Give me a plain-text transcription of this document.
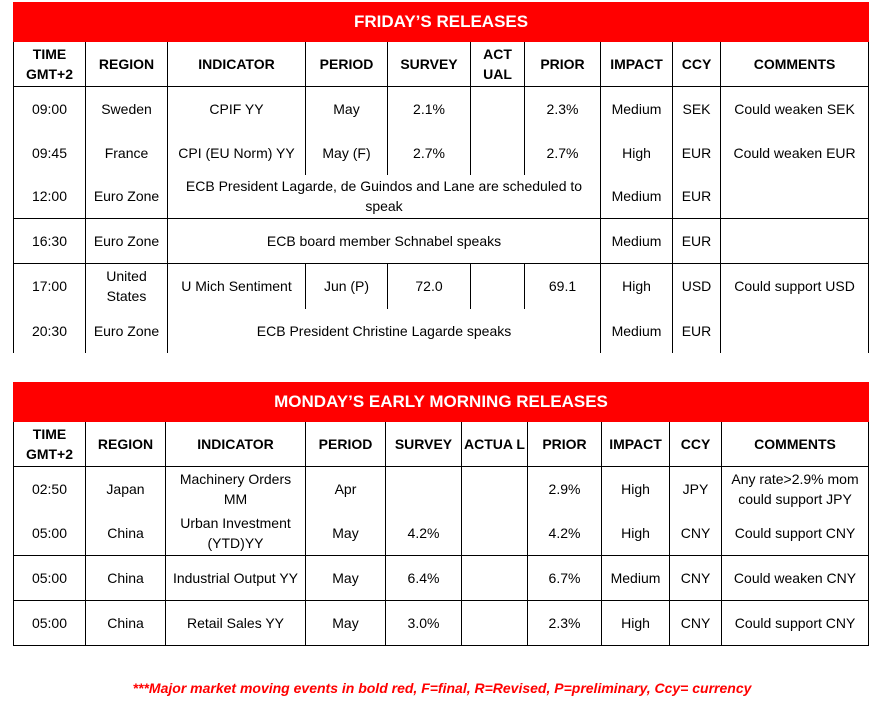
FRIDAY’S RELEASES									
TIME GMT+2	REGION	INDICATOR	PERIOD	SURVEY	ACT UAL	PRIOR	IMPACT	CCY	COMMENTS
09:00	Sweden	CPIF YY	May	2.1%		2.3%	Medium	SEK	Could weaken SEK
09:45	France	CPI (EU Norm) YY	May (F)	2.7%		2.7%	High	EUR	Could weaken EUR
12:00	Euro Zone	ECB President Lagarde, de Guindos and Lane are scheduled to speak					Medium	EUR	
16:30	Euro Zone	ECB board member Schnabel speaks					Medium	EUR	
17:00	United States	U Mich Sentiment	Jun (P)	72.0		69.1	High	USD	Could support USD
20:30	Euro Zone	ECB President Christine Lagarde speaks					Medium	EUR	
MONDAY’S EARLY MORNING RELEASES									
TIME GMT+2	REGION	INDICATOR	PERIOD	SURVEY	ACTUA L	PRIOR	IMPACT	CCY	COMMENTS
02:50	Japan	Machinery Orders MM	Apr			2.9%	High	JPY	Any rate>2.9% mom could support JPY
05:00	China	Urban Investment (YTD)YY	May	4.2%		4.2%	High	CNY	Could support CNY
05:00	China	Industrial Output YY	May	6.4%		6.7%	Medium	CNY	Could weaken CNY
05:00	China	Retail Sales YY	May	3.0%		2.3%	High	CNY	Could support CNY
***Major market moving events in bold red, F=final, R=Revised, P=preliminary, Ccy= currency
